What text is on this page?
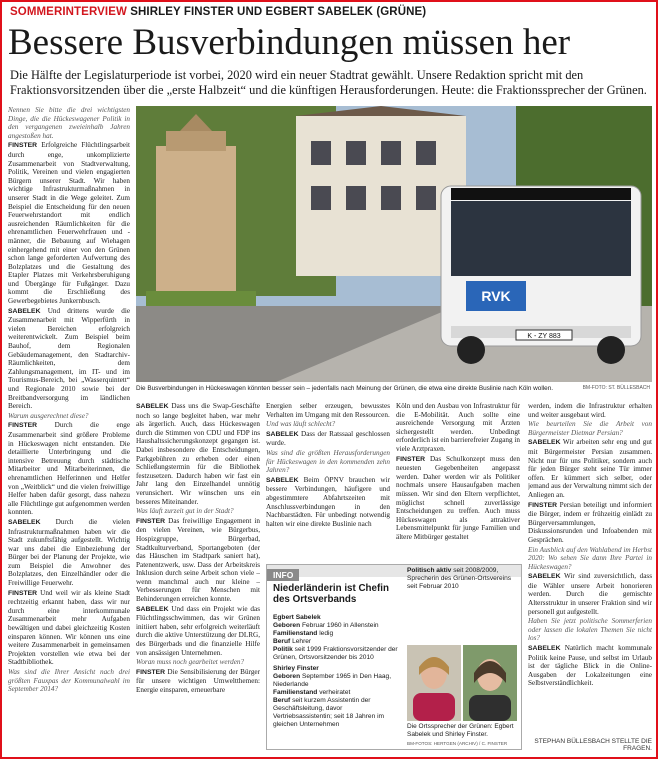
SOMMERINTERVIEW SHIRLEY FINSTER UND EGBERT SABELEK (GRÜNE)
Bessere Busverbindungen müssen her

Die Hälfte der Legislaturperiode ist vorbei, 2020 wird ein neuer Stadtrat gewählt. Unsere Redaktion spricht mit den Fraktionsvorsitzenden über die „erste Halbzeit“ und die künftigen Herausforderungen. Heute: die Fraktionssprecher der Grünen.

Nennen Sie bitte die drei wichtigsten Dinge, die die Hückeswagener Politik in den vergangenen zweieinhalb Jahren angestoßen hat.

FINSTER Erfolgreiche Flüchtlingsarbeit durch enge, unkomplizierte Zusammenarbeit von Stadtverwaltung, Politik, Vereinen und vielen engagierten Bürgern unserer Stadt. Wir haben wichtige Infrastrukturmaßnahmen in unserer Stadt in die Wege geleitet. Zum Beispiel die Entscheidung für den neuen Feuerwehrstandort mit endlich ausreichenden Räumlichkeiten für die ehrenamtlichen Feuerwehrfrauen und -männer, die Bebauung auf Wiehagen einhergehend mit einer von den Grünen schon lange geforderten Aufwertung des Bolzplatzes und die Gestaltung des Etapler Platzes mit Verkehrsberuhigung und Übergänge für Fußgänger. Dazu kommt die Erschließung des Gewerbegebietes Junkernbusch.

SABELEK Und drittens wurde die Zusammenarbeit mit Wipperfürth in vielen Bereichen erfolgreich weiterentwickelt. Zum Beispiel beim Bauhof, dem Regionalen Gebäudemanagement, den Stadtarchiv-Räumlichkeiten, dem Zahlungsmanagement, im IT- und im Tourismus-Bereich, bei „Wasserquintett“ und Regionale 2010 sowie bei der Breitbandversorgung im ländlichen Bereich.

Warum ausgerechnet diese?

FINSTER Durch die enge Zusammenarbeit sind größere Probleme in Hückeswagen nicht entstanden. Die detaillierte Unterbringung und die intensive Betreuung durch städtische Mitarbeiter und Mitarbeiterinnen, die ehrenamtlichen Helferinnen und Helfer von „Weitblick“ und die vielen freiwillige Helfer haben dafür gesorgt, dass nahezu alle Flüchtlinge gut aufgenommen werden konnten.

SABELEK Durch die vielen Infrastrukturmaßnahmen haben wir die Stadt zukunftsfähig aufgestellt. Wichtig war uns dabei die Einbeziehung der Bürger bei der Planung der Projekte, wie zum Beispiel die Anwohner des Bolzplatzes, den Einzelhändler oder die Freiwillige Feuerwehr.

FINSTER Und weil wir als kleine Stadt rechtzeitig erkannt haben, dass wir nur durch eine interkommunale Zusammenarbeit mehr Aufgaben bewältigen und dabei gleichzeitig Kosten einsparen können. Wir können uns eine weitere Zusammenarbeit in gemeinsamen Projekten vorstellen wie etwa bei der Stadtbibliothek.

Was sind die Ihrer Ansicht nach drei größten Fauxpas der Kommunalwahl im September 2014?

RVK
K - ZY 883
Die Busverbindungen in Hückeswagen könnten besser sein – jedenfalls nach Meinung der Grünen, die etwa eine direkte Buslinie nach Köln wollen.	BM-FOTO: ST. BÜLLESBACH

SABELEK Dass uns die Swap-Geschäfte noch so lange begleitet haben, war mehr als ärgerlich. Auch, dass Hückeswagen durch die Stimmen von CDU und FDP ins Haushaltssicherungskonzept gegangen ist. Dabei insbesondere die Entscheidungen, Parkgebühren zu erheben oder einen Schließungstermin für die Bibliothek festzusetzen. Dadurch haben wir fast ein Jahr lang den Einzelhandel unnötig verunsichert. Wir wünschen uns ein besseres Miteinander.

Was läuft zurzeit gut in der Stadt?

FINSTER Das freiwillige Engagement in den vielen Vereinen, wie Bürgerbus, Hospizgruppe, Bürgerbad, Stadtkulturverband, Sportangeboten (der das Häuschen im Stadtpark saniert hat), Patenentzwerk, usw. Dass der Arbeitskreis Inklusion durch seine Arbeit schon viele – wenn manchmal auch nur kleine – Verbesserungen für Menschen mit Behinderungen erreichen konnte.

SABELEK Und dass ein Projekt wie das Flüchtlingsschwimmen, das wir Grünen initiiert haben, sehr erfolgreich weiterläuft durch die aktive Unterstützung der DLRG, des Bürgerbads und die finanzielle Hilfe von ansässigen Unternehmen.

Woran muss noch gearbeitet werden?

FINSTER Die Sensibilisierung der Bürger für unsere wichtigen Umweltthemen: Energie einsparen, erneuerbare

Energien selber erzeugen, bewusstes Verhalten im Umgang mit den Ressourcen.

Und was läuft schlecht?

SABELEK Dass der Ratssaal geschlossen wurde.

Was sind die größten Herausforderungen für Hückeswagen in den kommenden zehn Jahren?

SABELEK Beim ÖPNV brauchen wir bessere Verbindungen, häufigere und abgestimmtere Abfahrtszeiten mit Anschlussverbindungen in den Nachbarstädten. Für unbedingt notwendig halten wir eine direkte Buslinie nach

Köln und den Ausbau von Infrastruktur für die E-Mobilität. Auch sollte eine ausreichende Versorgung mit Ärzten sichergestellt werden. Unbedingt erforderlich ist ein barrierefreier Zugang in viele Arztpraxen.

FINSTER Das Schulkonzept muss den neuesten Gegebenheiten angepasst werden. Daher werden wir als Politiker nochmals unsere Hausaufgaben machen müssen. Wir sind den Eltern verpflichtet, möglichst schnell zuverlässige Entscheidungen zu treffen. Auch muss Hückeswagen als attraktiver Lebensmittelpunkt für junge Familien und ältere Mitbürger gestaltet

werden, indem die Infrastruktur erhalten und weiter ausgebaut wird.

Wie beurteilen Sie die Arbeit von Bürgermeister Dietmar Persian?

SABELEK Wir arbeiten sehr eng und gut mit Bürgermeister Persian zusammen. Nicht nur für uns Politiker, sondern auch für jeden Bürger steht seine Tür immer offen. Er kümmert sich selber, oder jemand aus der Verwaltung nimmt sich der Anliegen an.

FINSTER Persian beteiligt und informiert die Bürger, indem er frühzeitig einlädt zu Bürgerversammlungen, Diskussionsrunden und Infoabenden mit Gesprächen.

Ein Ausblick auf den Wahlabend im Herbst 2020: Wo sehen Sie dann Ihre Partei in Hückeswagen?

SABELEK Wir sind zuversichtlich, dass die Wähler unsere Arbeit honorieren werden. Durch die gemischte Altersstruktur in unserer Fraktion sind wir personell gut aufgestellt.

Haben Sie jetzt politische Sommerferien oder lassen die lokalen Themen Sie nicht los?

SABELEK Natürlich macht kommunale Politik keine Pause, und selbst im Urlaub ist der tägliche Blick in die Online-Ausgaben der Lokalzeitungen eine Selbstverständlichkeit.

STEPHAN BÜLLESBACH STELLTE DIE FRAGEN.
INFO
Niederländerin ist Chefin des Ortsverbands
Egbert Sabelek
Geboren Februar 1960 in Allenstein
Familienstand ledig
Beruf Lehrer
Politik seit 1999 Fraktionsvorsitzender der Grünen, Ortsvorsitzender bis 2010
Shirley Finster
Geboren September 1965 in Den Haag, Niederlande
Familienstand verheiratet
Beruf seit kurzem Assistentin der Geschäftsleitung, davor Vertriebsassistentin; seit 18 Jahren im gleichen Unternehmen
Politisch aktiv seit 2008/2009, Sprecherin des Grünen-Ortsvereins seit Februar 2010
Die Ortssprecher der Grünen: Egbert Sabelek und Shirley Finster.
BM-FOTOS: HERTGEN (ARCHIV) / C. FINSTER
